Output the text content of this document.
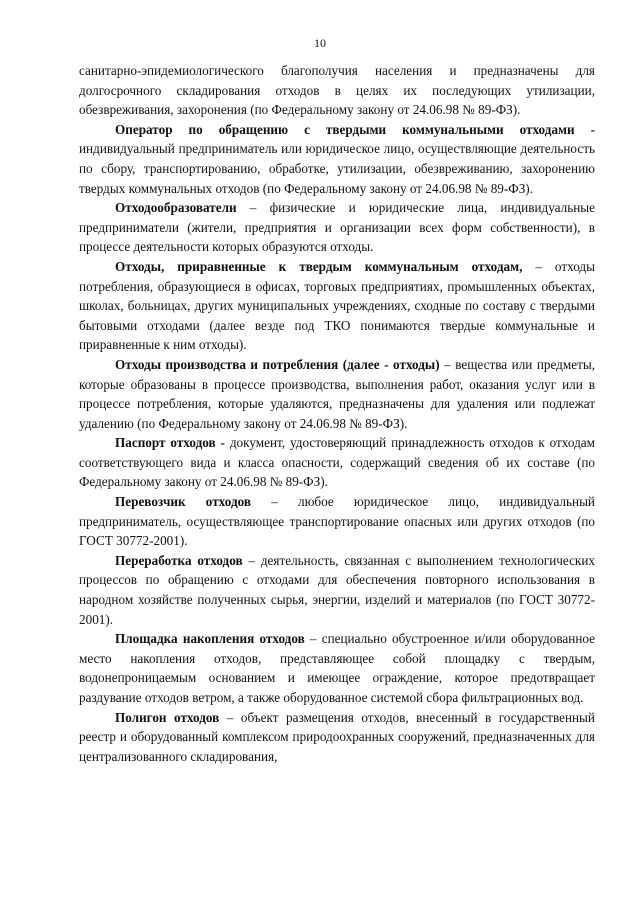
10

санитарно-эпидемиологического благополучия населения и предназначены для долгосрочного складирования отходов в целях их последующих утилизации, обезвреживания, захоронения (по Федеральному закону от 24.06.98 № 89-ФЗ).

Оператор по обращению с твердыми коммунальными отходами - индивидуальный предприниматель или юридическое лицо, осуществляющие деятельность по сбору, транспортированию, обработке, утилизации, обезвреживанию, захоронению твердых коммунальных отходов (по Федеральному закону от 24.06.98 № 89-ФЗ).

Отходообразователи – физические и юридические лица, индивидуальные предприниматели (жители, предприятия и организации всех форм собственности), в процессе деятельности которых образуются отходы.

Отходы, приравненные к твердым коммунальным отходам, – отходы потребления, образующиеся в офисах, торговых предприятиях, промышленных объектах, школах, больницах, других муниципальных учреждениях, сходные по составу с твердыми бытовыми отходами (далее везде под ТКО понимаются твердые коммунальные и приравненные к ним отходы).

Отходы производства и потребления (далее - отходы) – вещества или предметы, которые образованы в процессе производства, выполнения работ, оказания услуг или в процессе потребления, которые удаляются, предназначены для удаления или подлежат удалению (по Федеральному закону от 24.06.98 № 89-ФЗ).

Паспорт отходов - документ, удостоверяющий принадлежность отходов к отходам соответствующего вида и класса опасности, содержащий сведения об их составе (по Федеральному закону от 24.06.98 № 89-ФЗ).

Перевозчик отходов – любое юридическое лицо, индивидуальный предприниматель, осуществляющее транспортирование опасных или других отходов (по ГОСТ 30772-2001).

Переработка отходов – деятельность, связанная с выполнением технологических процессов по обращению с отходами для обеспечения повторного использования в народном хозяйстве полученных сырья, энергии, изделий и материалов (по ГОСТ 30772-2001).

Площадка накопления отходов – специально обустроенное и/или оборудованное место накопления отходов, представляющее собой площадку с твердым, водонепроницаемым основанием и имеющее ограждение, которое предотвращает раздувание отходов ветром, а также оборудованное системой сбора фильтрационных вод.

Полигон отходов – объект размещения отходов, внесенный в государственный реестр и оборудованный комплексом природоохранных сооружений, предназначенных для централизованного складирования,
